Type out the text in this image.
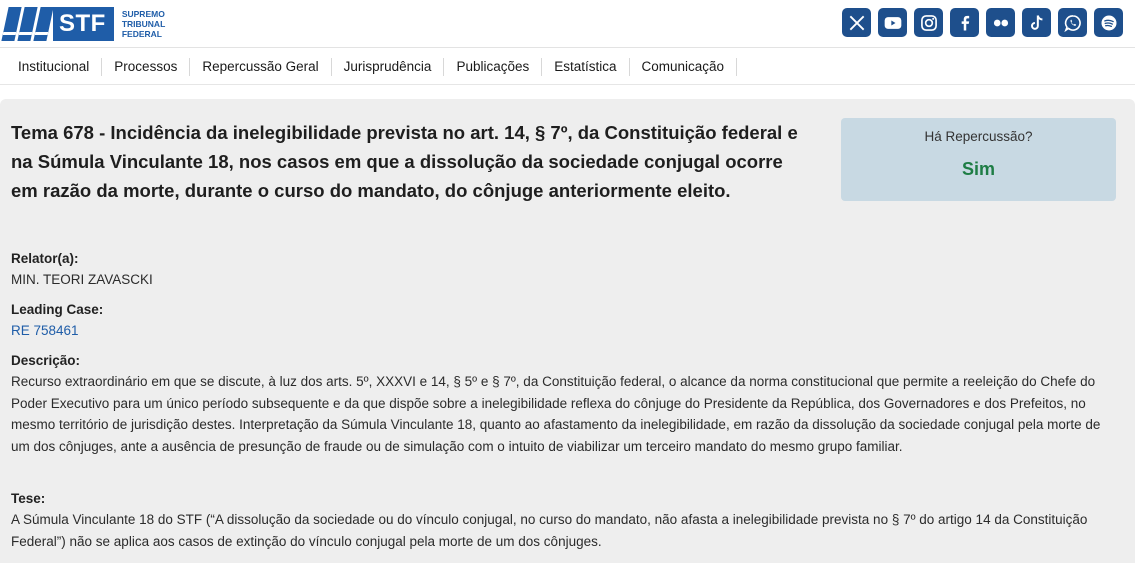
STF	SUPREMO
TRIBUNAL
FEDERAL
Institucional	Processos	Repercussão Geral	Jurisprudência	Publicações	Estatística	Comunicação
Tema 678 - Incidência da inelegibilidade prevista no art. 14, § 7º, da Constituição federal e na Súmula Vinculante 18, nos casos em que a dissolução da sociedade conjugal ocorre em razão da morte, durante o curso do mandato, do cônjuge anteriormente eleito.
Há Repercussão?
Sim
Relator(a):
MIN. TEORI ZAVASCKI
Leading Case:
RE 758461
Descrição:
Recurso extraordinário em que se discute, à luz dos arts. 5º, XXXVI e 14, § 5º e § 7º, da Constituição federal, o alcance da norma constitucional que permite a reeleição do Chefe do Poder Executivo para um único período subsequente e da que dispõe sobre a inelegibilidade reflexa do cônjuge do Presidente da República, dos Governadores e dos Prefeitos, no mesmo território de jurisdição destes. Interpretação da Súmula Vinculante 18, quanto ao afastamento da inelegibilidade, em razão da dissolução da sociedade conjugal pela morte de um dos cônjuges, ante a ausência de presunção de fraude ou de simulação com o intuito de viabilizar um terceiro mandato do mesmo grupo familiar.
Tese:
A Súmula Vinculante 18 do STF (“A dissolução da sociedade ou do vínculo conjugal, no curso do mandato, não afasta a inelegibilidade prevista no § 7º do artigo 14 da Constituição Federal”) não se aplica aos casos de extinção do vínculo conjugal pela morte de um dos cônjuges.
